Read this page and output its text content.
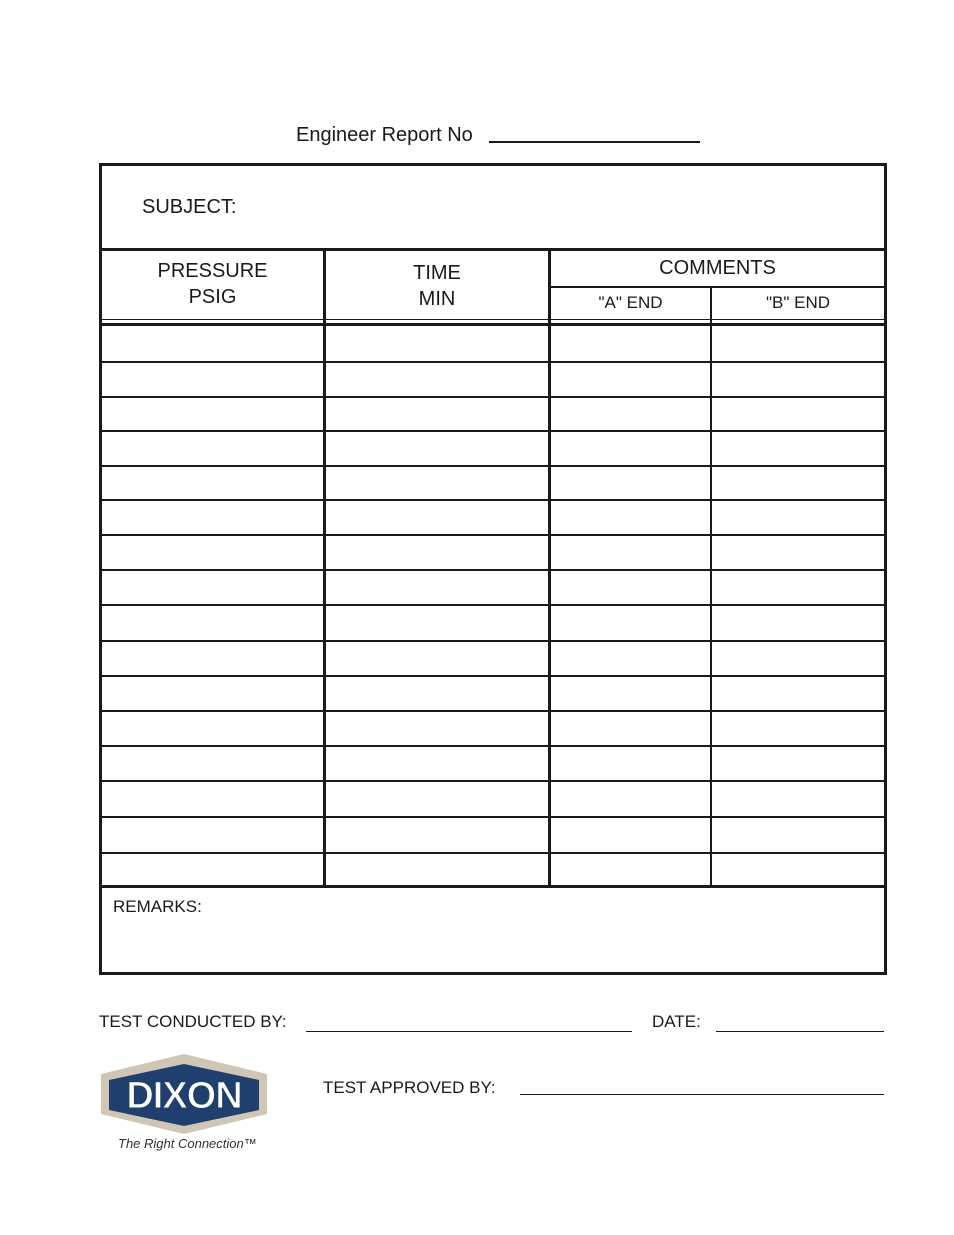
Engineer Report No
SUBJECT:
PRESSURE
PSIG
TIME
MIN
COMMENTS
"A" END	"B" END
REMARKS:
TEST CONDUCTED BY:	DATE:
TEST APPROVED BY:
DIXON
The Right Connection™
